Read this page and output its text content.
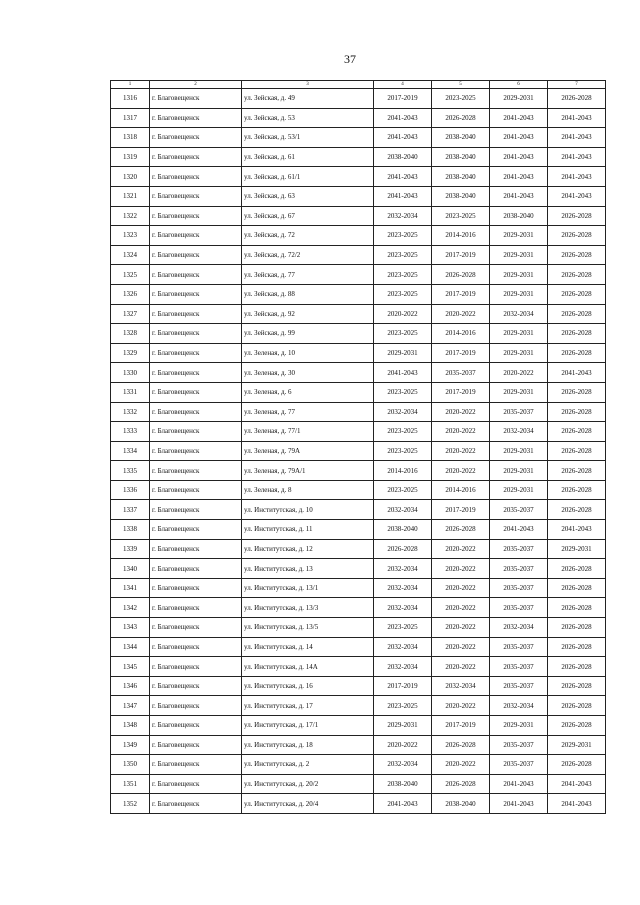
37
1	2	3	4	5	6	7
1316	г. Благовещенск	ул. Зейская, д. 49	2017-2019	2023-2025	2029-2031	2026-2028
1317	г. Благовещенск	ул. Зейская, д. 53	2041-2043	2026-2028	2041-2043	2041-2043
1318	г. Благовещенск	ул. Зейская, д. 53/1	2041-2043	2038-2040	2041-2043	2041-2043
1319	г. Благовещенск	ул. Зейская, д. 61	2038-2040	2038-2040	2041-2043	2041-2043
1320	г. Благовещенск	ул. Зейская, д. 61/1	2041-2043	2038-2040	2041-2043	2041-2043
1321	г. Благовещенск	ул. Зейская, д. 63	2041-2043	2038-2040	2041-2043	2041-2043
1322	г. Благовещенск	ул. Зейская, д. 67	2032-2034	2023-2025	2038-2040	2026-2028
1323	г. Благовещенск	ул. Зейская, д. 72	2023-2025	2014-2016	2029-2031	2026-2028
1324	г. Благовещенск	ул. Зейская, д. 72/2	2023-2025	2017-2019	2029-2031	2026-2028
1325	г. Благовещенск	ул. Зейская, д. 77	2023-2025	2026-2028	2029-2031	2026-2028
1326	г. Благовещенск	ул. Зейская, д. 88	2023-2025	2017-2019	2029-2031	2026-2028
1327	г. Благовещенск	ул. Зейская, д. 92	2020-2022	2020-2022	2032-2034	2026-2028
1328	г. Благовещенск	ул. Зейская, д. 99	2023-2025	2014-2016	2029-2031	2026-2028
1329	г. Благовещенск	ул. Зеленая, д. 10	2029-2031	2017-2019	2029-2031	2026-2028
1330	г. Благовещенск	ул. Зеленая, д. 30	2041-2043	2035-2037	2020-2022	2041-2043
1331	г. Благовещенск	ул. Зеленая, д. 6	2023-2025	2017-2019	2029-2031	2026-2028
1332	г. Благовещенск	ул. Зеленая, д. 77	2032-2034	2020-2022	2035-2037	2026-2028
1333	г. Благовещенск	ул. Зеленая, д. 77/1	2023-2025	2020-2022	2032-2034	2026-2028
1334	г. Благовещенск	ул. Зеленая, д. 79А	2023-2025	2020-2022	2029-2031	2026-2028
1335	г. Благовещенск	ул. Зеленая, д. 79А/1	2014-2016	2020-2022	2029-2031	2026-2028
1336	г. Благовещенск	ул. Зеленая, д. 8	2023-2025	2014-2016	2029-2031	2026-2028
1337	г. Благовещенск	ул. Институтская, д. 10	2032-2034	2017-2019	2035-2037	2026-2028
1338	г. Благовещенск	ул. Институтская, д. 11	2038-2040	2026-2028	2041-2043	2041-2043
1339	г. Благовещенск	ул. Институтская, д. 12	2026-2028	2020-2022	2035-2037	2029-2031
1340	г. Благовещенск	ул. Институтская, д. 13	2032-2034	2020-2022	2035-2037	2026-2028
1341	г. Благовещенск	ул. Институтская, д. 13/1	2032-2034	2020-2022	2035-2037	2026-2028
1342	г. Благовещенск	ул. Институтская, д. 13/3	2032-2034	2020-2022	2035-2037	2026-2028
1343	г. Благовещенск	ул. Институтская, д. 13/5	2023-2025	2020-2022	2032-2034	2026-2028
1344	г. Благовещенск	ул. Институтская, д. 14	2032-2034	2020-2022	2035-2037	2026-2028
1345	г. Благовещенск	ул. Институтская, д. 14А	2032-2034	2020-2022	2035-2037	2026-2028
1346	г. Благовещенск	ул. Институтская, д. 16	2017-2019	2032-2034	2035-2037	2026-2028
1347	г. Благовещенск	ул. Институтская, д. 17	2023-2025	2020-2022	2032-2034	2026-2028
1348	г. Благовещенск	ул. Институтская, д. 17/1	2029-2031	2017-2019	2029-2031	2026-2028
1349	г. Благовещенск	ул. Институтская, д. 18	2020-2022	2026-2028	2035-2037	2029-2031
1350	г. Благовещенск	ул. Институтская, д. 2	2032-2034	2020-2022	2035-2037	2026-2028
1351	г. Благовещенск	ул. Институтская, д. 20/2	2038-2040	2026-2028	2041-2043	2041-2043
1352	г. Благовещенск	ул. Институтская, д. 20/4	2041-2043	2038-2040	2041-2043	2041-2043
